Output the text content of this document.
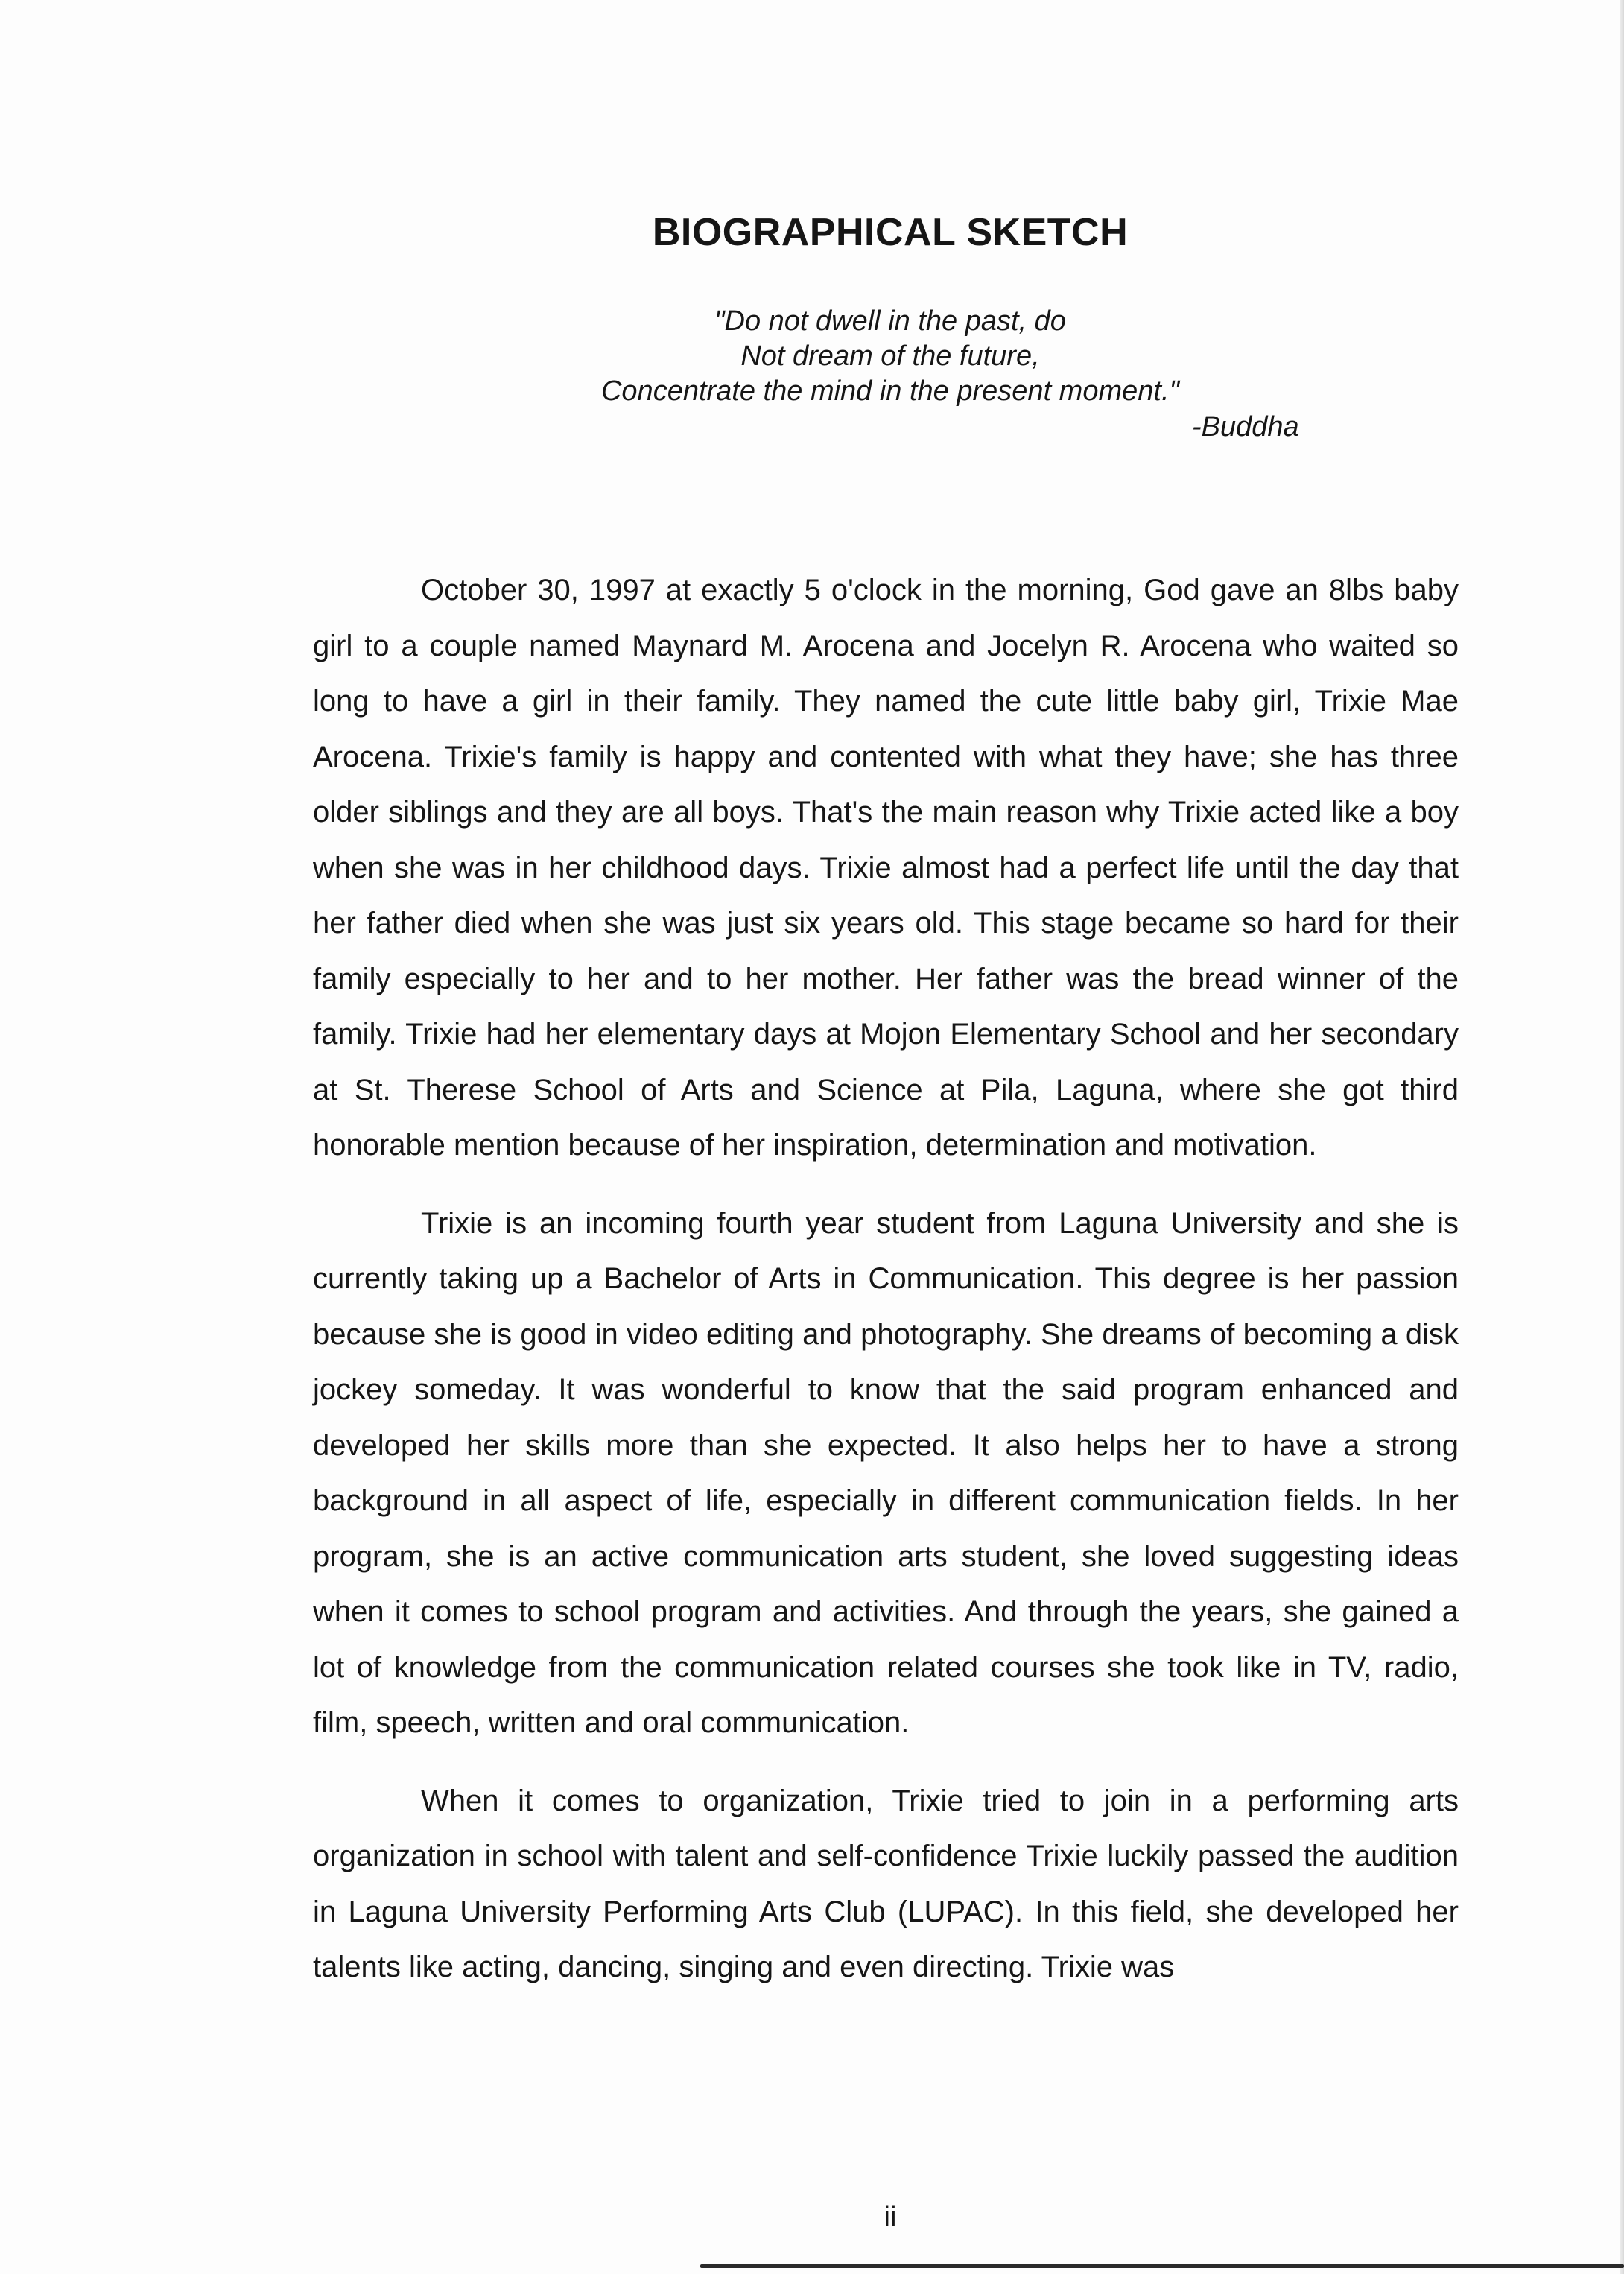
BIOGRAPHICAL SKETCH
"Do not dwell in the past, do
Not dream of the future,
Concentrate the mind in the present moment."
-Buddha

October 30, 1997 at exactly 5 o'clock in the morning, God gave an 8lbs baby girl to a couple named Maynard M. Arocena and Jocelyn R. Arocena who waited so long to have a girl in their family. They named the cute little baby girl, Trixie Mae Arocena. Trixie's family is happy and contented with what they have; she has three older siblings and they are all boys. That's the main reason why Trixie acted like a boy when she was in her childhood days. Trixie almost had a perfect life until the day that her father died when she was just six years old. This stage became so hard for their family especially to her and to her mother. Her father was the bread winner of the family. Trixie had her elementary days at Mojon Elementary School and her secondary at St. Therese School of Arts and Science at Pila, Laguna, where she got third honorable mention because of her inspiration, determination and motivation.

Trixie is an incoming fourth year student from Laguna University and she is currently taking up a Bachelor of Arts in Communication. This degree is her passion because she is good in video editing and photography. She dreams of becoming a disk jockey someday. It was wonderful to know that the said program enhanced and developed her skills more than she expected. It also helps her to have a strong background in all aspect of life, especially in different communication fields. In her program, she is an active communication arts student, she loved suggesting ideas when it comes to school program and activities. And through the years, she gained a lot of knowledge from the communication related courses she took like in TV, radio, film, speech, written and oral communication.

When it comes to organization, Trixie tried to join in a performing arts organization in school with talent and self-confidence Trixie luckily passed the audition in Laguna University Performing Arts Club (LUPAC). In this field, she developed her talents like acting, dancing, singing and even directing. Trixie was

ii
